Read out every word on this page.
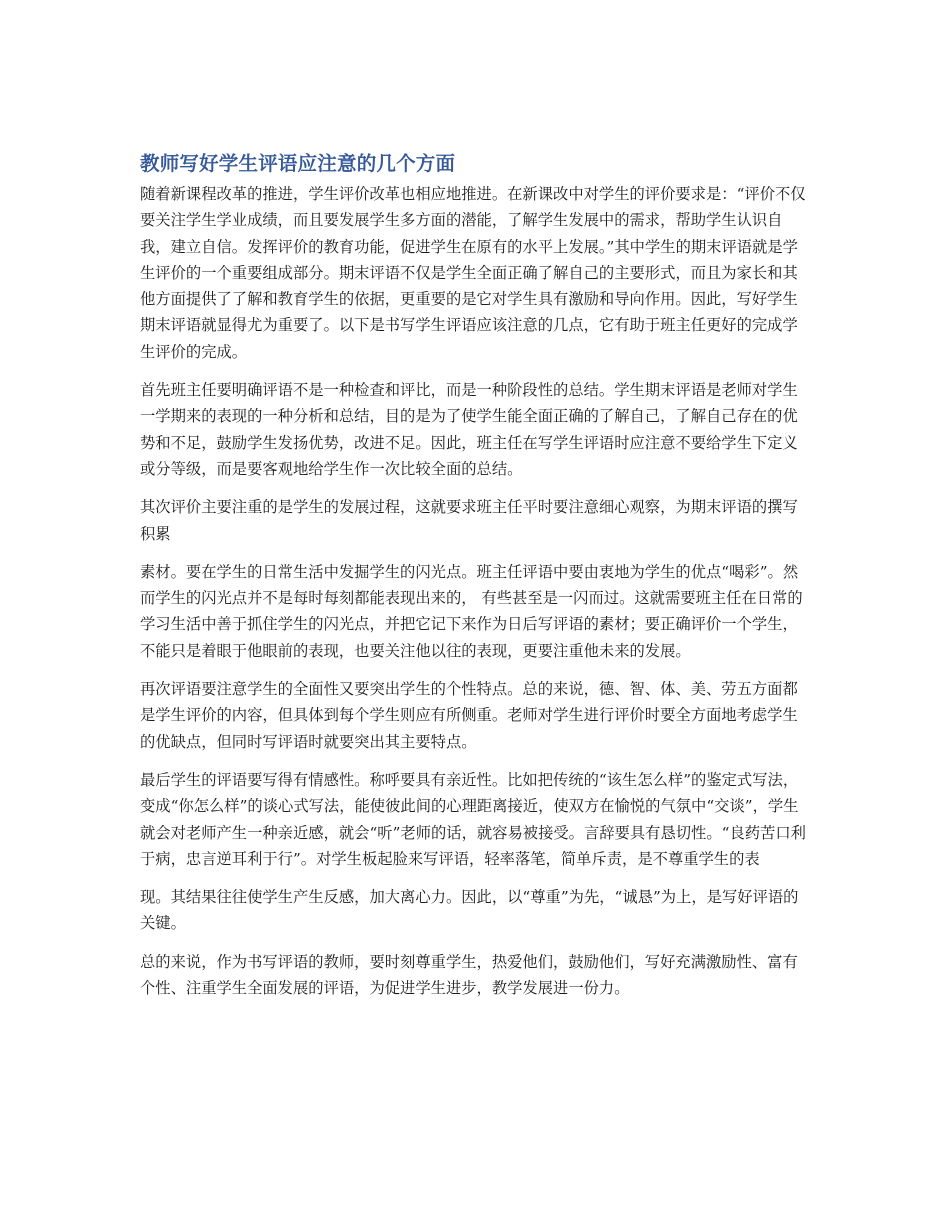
教师写好学生评语应注意的几个方面

随着新课程改革的推进，学生评价改革也相应地推进。在新课改中对学生的评价要求是：“评价不仅要关注学生学业成绩，而且要发展学生多方面的潜能，了解学生发展中的需求，帮助学生认识自我，建立自信。发挥评价的教育功能，促进学生在原有的水平上发展。”其中学生的期末评语就是学生评价的一个重要组成部分。期末评语不仅是学生全面正确了解自己的主要形式，而且为家长和其他方面提供了了解和教育学生的依据，更重要的是它对学生具有激励和导向作用。因此，写好学生期末评语就显得尤为重要了。以下是书写学生评语应该注意的几点，它有助于班主任更好的完成学生评价的完成。

首先班主任要明确评语不是一种检查和评比，而是一种阶段性的总结。学生期末评语是老师对学生一学期来的表现的一种分析和总结，目的是为了使学生能全面正确的了解自己，了解自己存在的优势和不足，鼓励学生发扬优势，改进不足。因此，班主任在写学生评语时应注意不要给学生下定义或分等级，而是要客观地给学生作一次比较全面的总结。

其次评价主要注重的是学生的发展过程，这就要求班主任平时要注意细心观察，为期末评语的撰写积累

素材。要在学生的日常生活中发掘学生的闪光点。班主任评语中要由衷地为学生的优点“喝彩”。然而学生的闪光点并不是每时每刻都能表现出来的， 有些甚至是一闪而过。这就需要班主任在日常的学习生活中善于抓住学生的闪光点，并把它记下来作为日后写评语的素材；要正确评价一个学生，不能只是着眼于他眼前的表现，也要关注他以往的表现，更要注重他未来的发展。

再次评语要注意学生的全面性又要突出学生的个性特点。总的来说，德、智、体、美、劳五方面都是学生评价的内容，但具体到每个学生则应有所侧重。老师对学生进行评价时要全方面地考虑学生的优缺点，但同时写评语时就要突出其主要特点。

最后学生的评语要写得有情感性。称呼要具有亲近性。比如把传统的“该生怎么样”的鉴定式写法，变成“你怎么样”的谈心式写法，能使彼此间的心理距离接近，使双方在愉悦的气氛中“交谈”，学生就会对老师产生一种亲近感，就会“听”老师的话，就容易被接受。言辞要具有恳切性。“良药苦口利于病，忠言逆耳利于行”。对学生板起脸来写评语，轻率落笔，简单斥责，是不尊重学生的表

现。其结果往往使学生产生反感，加大离心力。因此，以“尊重”为先，“诚恳”为上，是写好评语的关键。

总的来说，作为书写评语的教师，要时刻尊重学生，热爱他们，鼓励他们，写好充满激励性、富有个性、注重学生全面发展的评语，为促进学生进步，教学发展进一份力。
